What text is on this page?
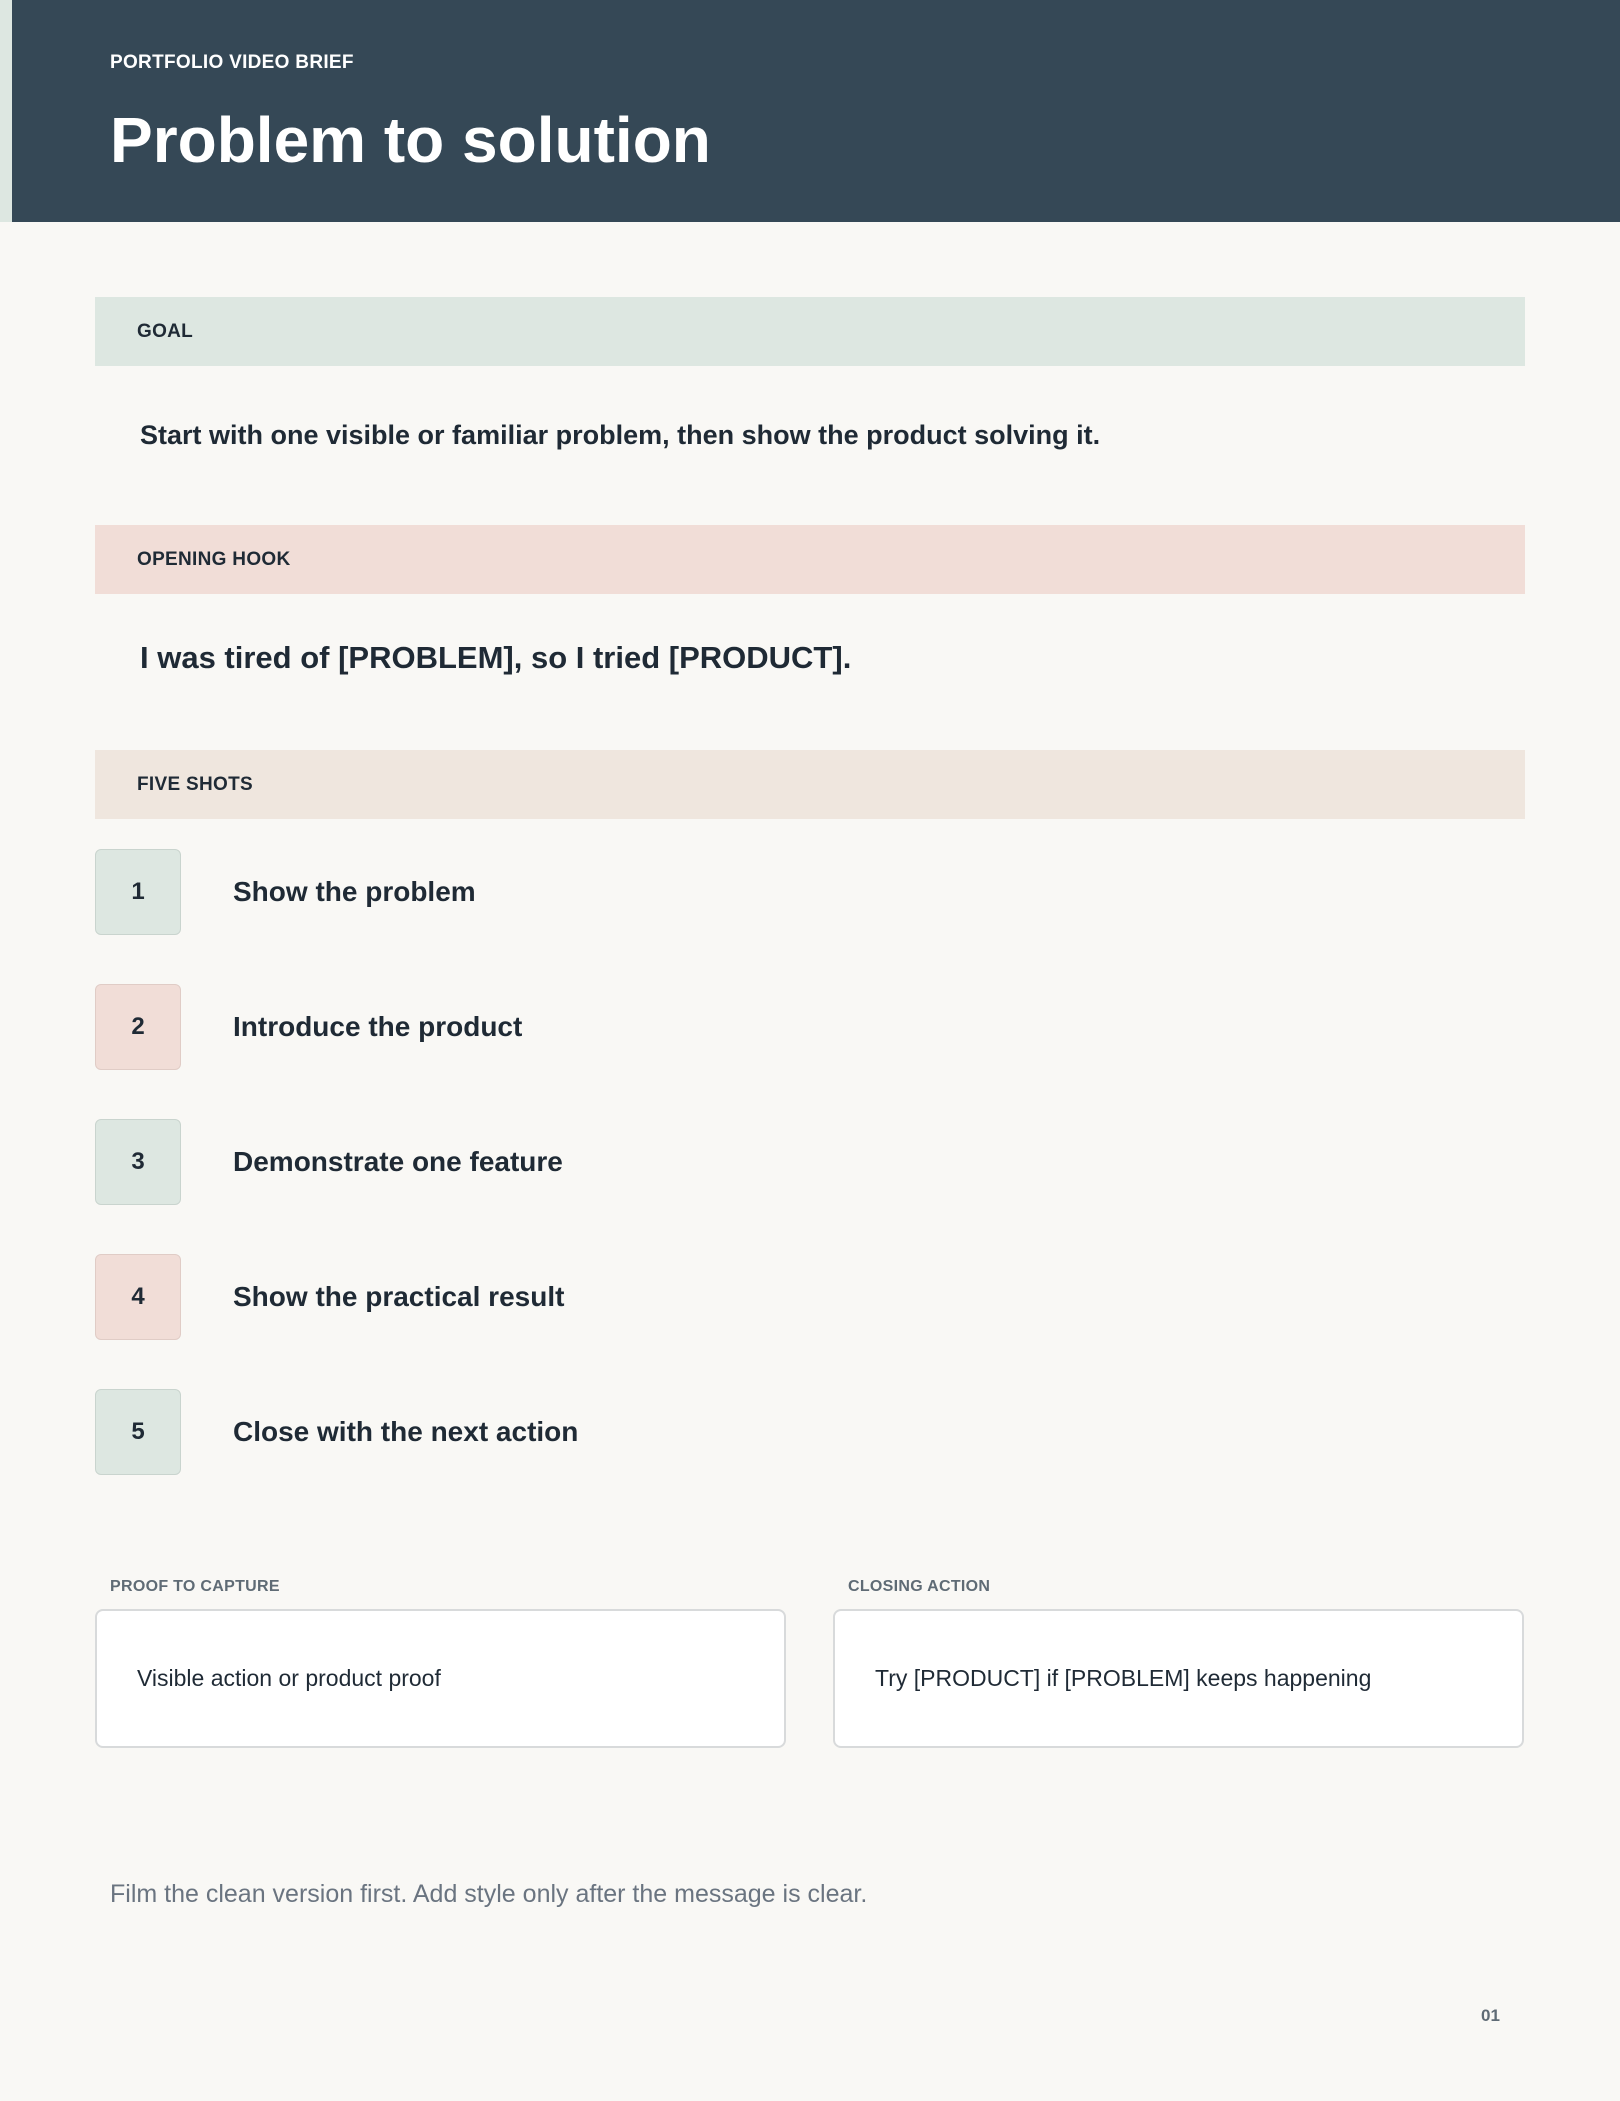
PORTFOLIO VIDEO BRIEF
Problem to solution
GOAL
Start with one visible or familiar problem, then show the product solving it.
OPENING HOOK
I was tired of [PROBLEM], so I tried [PRODUCT].
FIVE SHOTS
1	Show the problem
2	Introduce the product
3	Demonstrate one feature
4	Show the practical result
5	Close with the next action
PROOF TO CAPTURE
Visible action or product proof
CLOSING ACTION
Try [PRODUCT] if [PROBLEM] keeps happening
Film the clean version first. Add style only after the message is clear.
01
